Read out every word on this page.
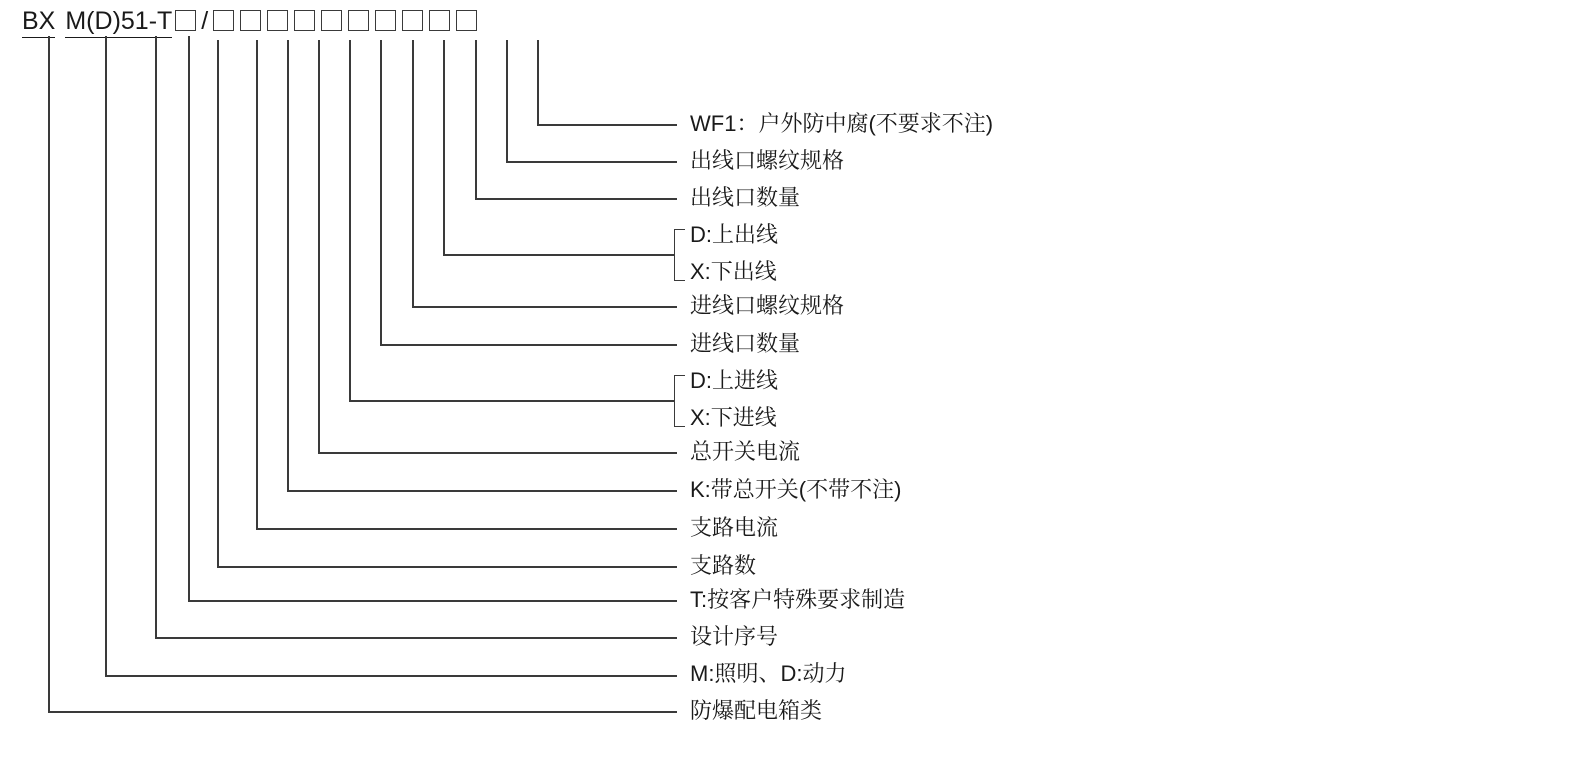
BX M(D)51-T /
WF1：户外防中腐(不要求不注)
出线口螺纹规格
出线口数量
D:上出线
X:下出线
进线口螺纹规格
进线口数量
D:上进线
X:下进线
总开关电流
K:带总开关(不带不注)
支路电流
支路数
T:按客户特殊要求制造
设计序号
M:照明、D:动力
防爆配电箱类
